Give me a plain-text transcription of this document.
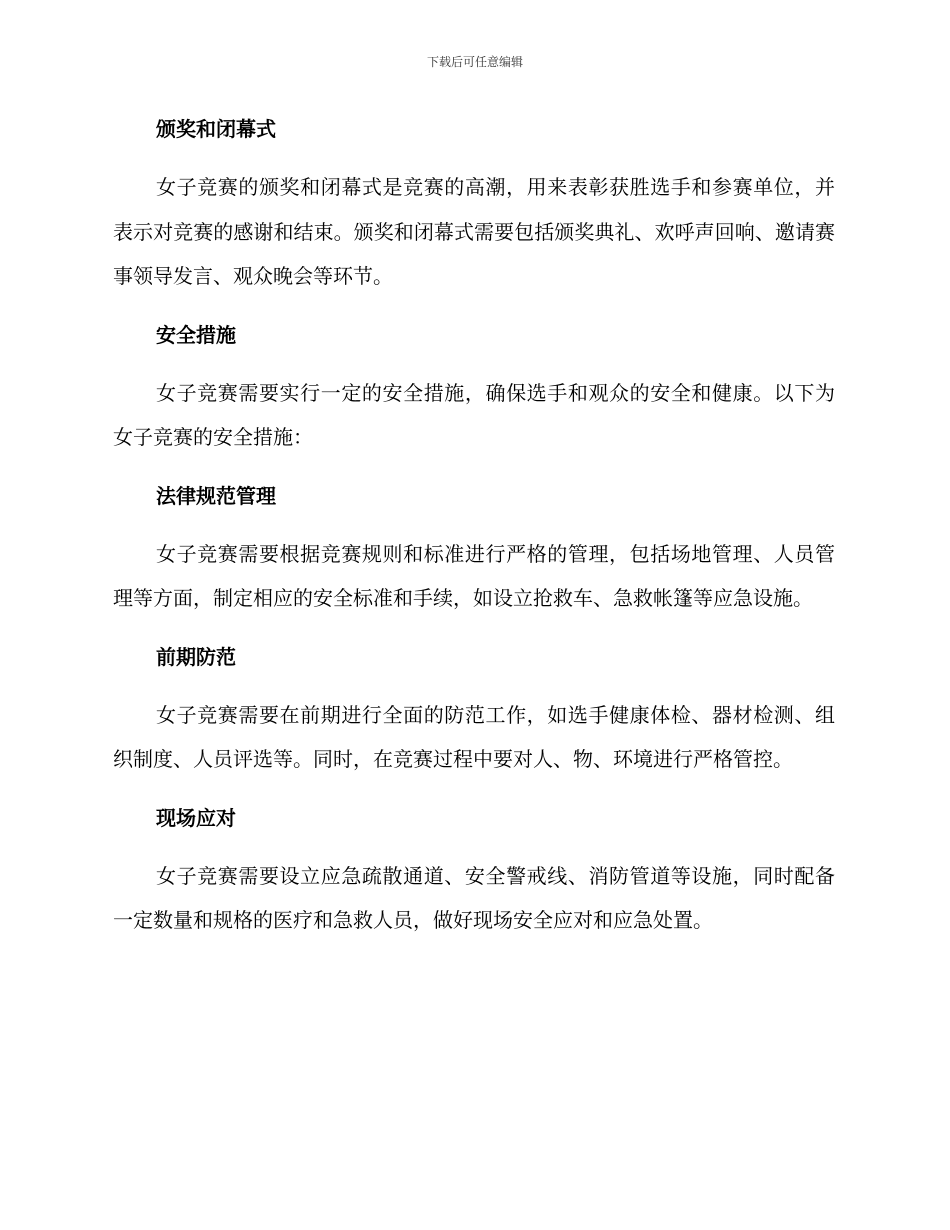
下载后可任意编辑
颁奖和闭幕式

女子竞赛的颁奖和闭幕式是竞赛的高潮，用来表彰获胜选手和参赛单位，并表示对竞赛的感谢和结束。颁奖和闭幕式需要包括颁奖典礼、欢呼声回响、邀请赛事领导发言、观众晚会等环节。

安全措施

女子竞赛需要实行一定的安全措施，确保选手和观众的安全和健康。以下为女子竞赛的安全措施：

法律规范管理

女子竞赛需要根据竞赛规则和标准进行严格的管理，包括场地管理、人员管理等方面，制定相应的安全标准和手续，如设立抢救车、急救帐篷等应急设施。

前期防范

女子竞赛需要在前期进行全面的防范工作，如选手健康体检、器材检测、组织制度、人员评选等。同时，在竞赛过程中要对人、物、环境进行严格管控。

现场应对

女子竞赛需要设立应急疏散通道、安全警戒线、消防管道等设施，同时配备一定数量和规格的医疗和急救人员，做好现场安全应对和应急处置。
